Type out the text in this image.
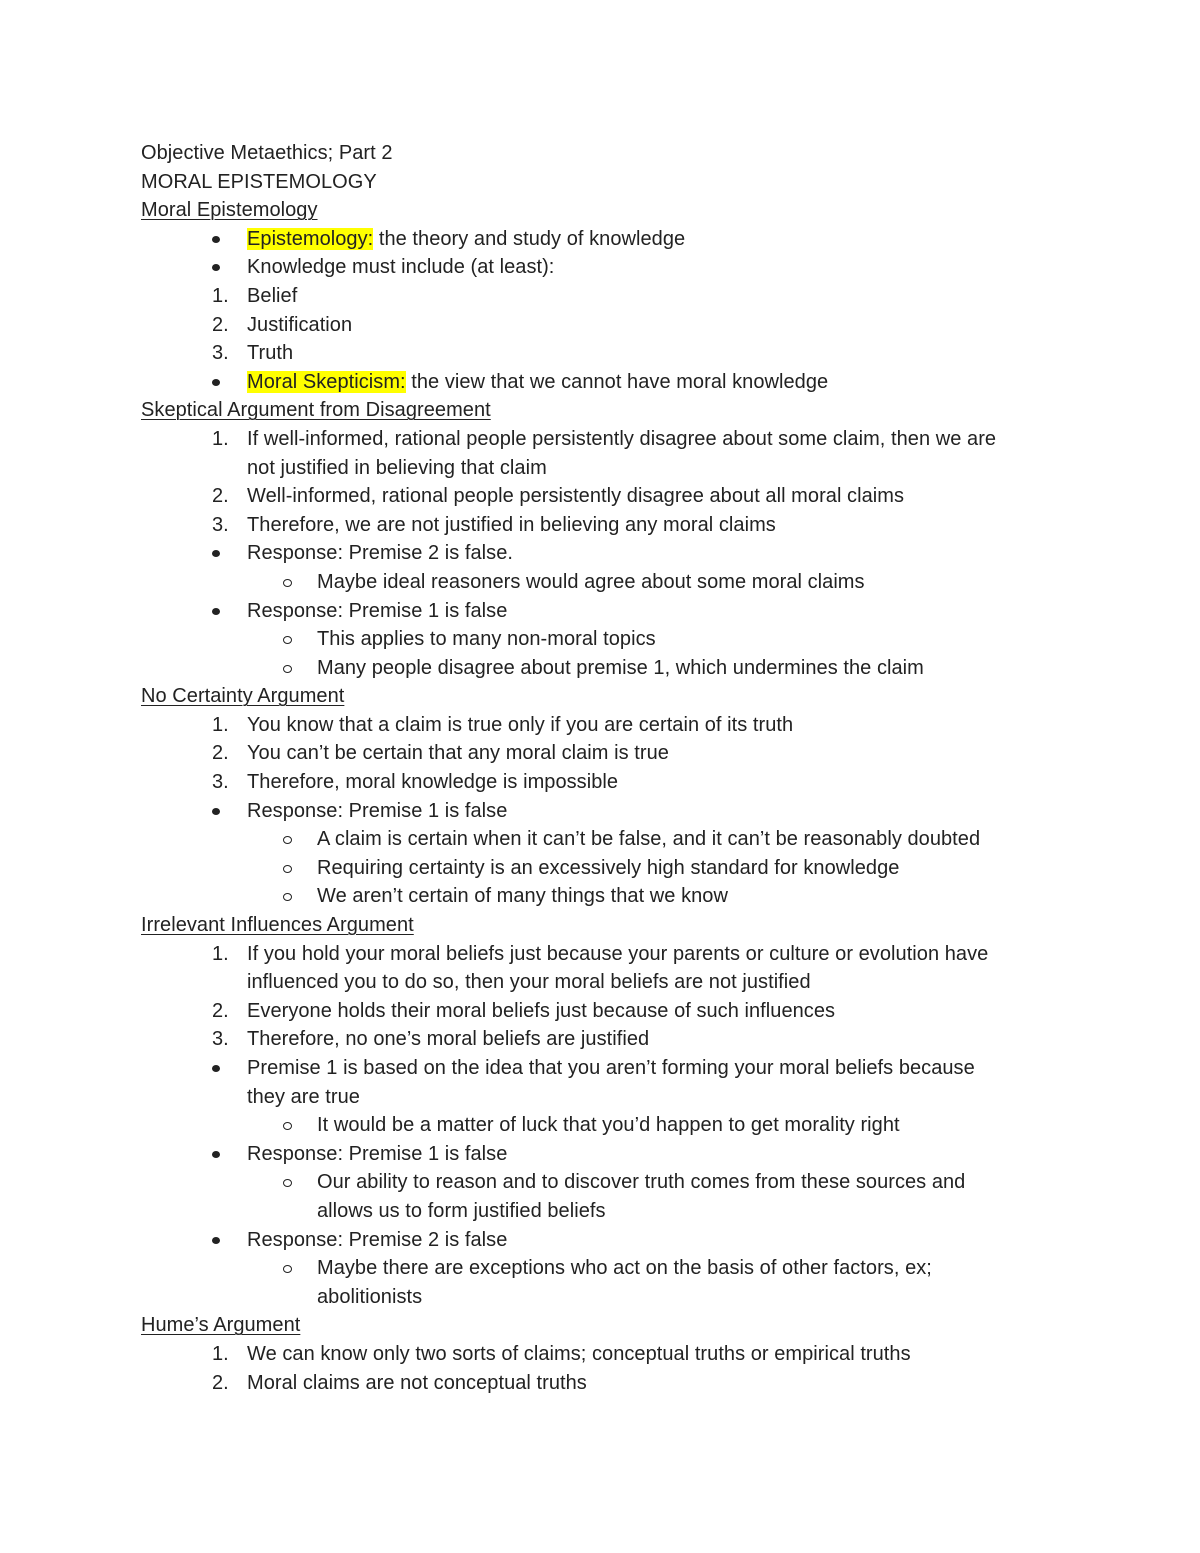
Objective Metaethics; Part 2
MORAL EPISTEMOLOGY
Moral Epistemology
Epistemology: the theory and study of knowledge
Knowledge must include (at least):
1. Belief
2. Justification
3. Truth
Moral Skepticism: the view that we cannot have moral knowledge
Skeptical Argument from Disagreement
1. If well-informed, rational people persistently disagree about some claim, then we are
not justified in believing that claim
2. Well-informed, rational people persistently disagree about all moral claims
3. Therefore, we are not justified in believing any moral claims
Response: Premise 2 is false.
Maybe ideal reasoners would agree about some moral claims
Response: Premise 1 is false
This applies to many non-moral topics
Many people disagree about premise 1, which undermines the claim
No Certainty Argument
1. You know that a claim is true only if you are certain of its truth
2. You can’t be certain that any moral claim is true
3. Therefore, moral knowledge is impossible
Response: Premise 1 is false
A claim is certain when it can’t be false, and it can’t be reasonably doubted
Requiring certainty is an excessively high standard for knowledge
We aren’t certain of many things that we know
Irrelevant Influences Argument
1. If you hold your moral beliefs just because your parents or culture or evolution have
influenced you to do so, then your moral beliefs are not justified
2. Everyone holds their moral beliefs just because of such influences
3. Therefore, no one’s moral beliefs are justified
Premise 1 is based on the idea that you aren’t forming your moral beliefs because
they are true
It would be a matter of luck that you’d happen to get morality right
Response: Premise 1 is false
Our ability to reason and to discover truth comes from these sources and
allows us to form justified beliefs
Response: Premise 2 is false
Maybe there are exceptions who act on the basis of other factors, ex;
abolitionists
Hume’s Argument
1. We can know only two sorts of claims; conceptual truths or empirical truths
2. Moral claims are not conceptual truths
